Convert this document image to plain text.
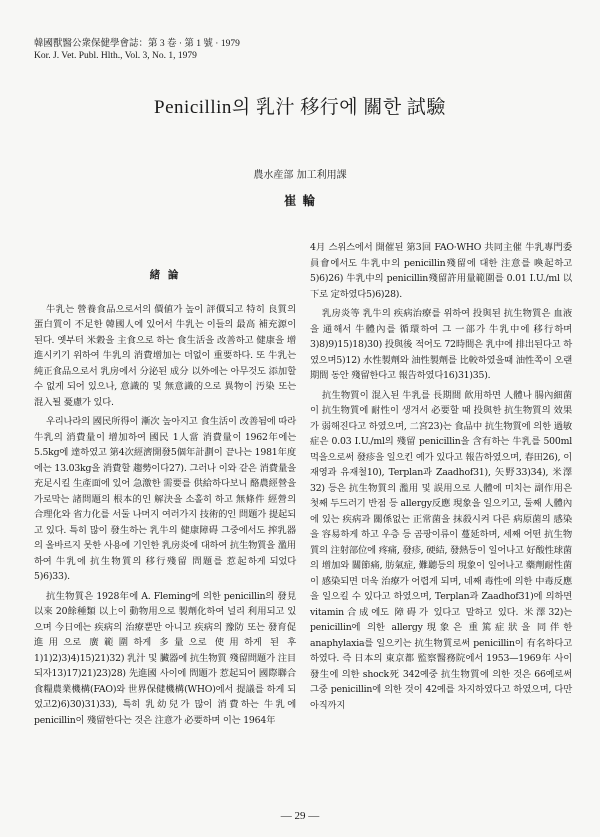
韓國獸醫公衆保健學會誌：第 3 卷 · 第 1 號 · 1979
Kor. J. Vet. Publ. Hlth., Vol. 3, No. 1, 1979
Penicillin의 乳汁 移行에 關한 試驗
農水産部 加工利用課
崔 輪
緒 論

牛乳는 營養食品으로서의 價値가 높이 評價되고 特히 良質의 蛋白質이 不足한 韓國人에 있어서 牛乳는 이들의 最高 補充源이 된다. 옛부터 米穀을 主食으로 하는 食生活을 改善하고 健康을 增進시키기 위하여 牛乳의 消費增加는 더없이 重要하다. 또 牛乳는 純正食品으로서 乳房에서 分泌된 成分 以外에는 아무것도 添加할 수 없게 되어 있으나, 意識的 및 無意識的으로 異物이 汚染 또는 混入될 憂慮가 있다.

우리나라의 國民所得이 漸次 높아지고 食生活이 改善됨에 따라 牛乳의 消費量이 增加하여 國民 1人當 消費量이 1962年에는 5.5kg에 達하였고 第4次經濟開發5個年計劃이 끝나는 1981年度에는 13.03kg을 消費할 趨勢이다27). 그러나 이와 같은 消費量을 充足시킬 生產面에 있어 急激한 需要를 供給하다보니 酪農經營을 가로막는 諸問題의 根本的인 解決을 소홀히 하고 無條件 經營의 合理化와 省力化를 서둘 나머지 여러가지 技術的인 問題가 提起되고 있다. 특히 많이 發生하는 乳牛의 健康障碍 그중에서도 搾乳器의 올바르지 못한 사용에 기인한 乳房炎에 대하여 抗生物質을 濫用하여 牛乳에 抗生物質의 移行殘留 問題를 惹起하게 되었다5)6)33).

抗生物質은 1928年에 A. Fleming에 의한 penicillin의 發見以來 20餘種類 以上이 動物用으로 製劑化하여 널리 利用되고 있으며 今日에는 疾病의 治療뿐만 아니고 疾病의 豫防 또는 發育促進用으로 廣範圍하게 多量으로 使用하게 된 후1)1)2)3)4)15)21)32) 乳汁 및 臟器에 抗生物質 殘留問題가 注目되자13)17)21)23)28) 先進國 사이에 問題가 惹起되어 國際聯合食糧農業機構(FAO)와 世界保健機構(WHO)에서 提議를 하게 되었고2)6)30)31)33), 특히 乳幼兒가 많이 消費하는 牛乳에 penicillin이 殘留한다는 것은 注意가 必要하며 이는 1964年

4月 스위스에서 開催된 第3回 FAO·WHO 共同主催 牛乳專門委員會에서도 牛乳中의 penicillin殘留에 대한 注意를 喚起하고5)6)26) 牛乳中의 penicillin殘留許用量範圍를 0.01 I.U./ml 以下로 定하였다5)6)28).

乳房炎等 乳牛의 疾病治療를 위하여 投與된 抗生物質은 血液을 通해서 牛體內를 循環하여 그 一部가 牛乳中에 移行하며3)8)9)15)18)30) 投與後 적어도 72時間은 乳中에 排出된다고 하였으며5)12) 水性製劑와 油性製劑를 比較하였을때 油性쪽이 오랜 期間 동안 殘留한다고 報告하였다16)31)35).

抗生物質이 混入된 牛乳를 長期間 飮用하면 人體나 腸內細菌이 抗生物質에 耐性이 생겨서 必要할 때 投與한 抗生物質의 效果가 弱해진다고 하였으며, 二宮23)는 食品中 抗生物質에 의한 過敏症은 0.03 I.U./ml의 殘留 penicillin을 含有하는 牛乳를 500ml 먹을으로써 發疹을 일으킨 예가 있다고 報告하였으며, 春田26), 이재영과 유재철10), Terplan과 Zaadhof31), 矢野33)34), 米澤32) 등은 抗生物質의 濫用 및 誤用으로 人體에 미치는 副作用은 첫째 두드러기 반점 등 allergy反應 現象을 일으키고, 둘째 人體內에 있는 疾病과 關係없는 正常菌을 抹殺시켜 다른 病原菌의 感染을 容易하게 하고 우층 등 곰팡이류이 蔓延하며, 세째 어떤 抗生物質의 注射部位에 疼痛, 發疹, 硬結, 發熱등이 일어나고 好酸性球菌의 增加와 關節痛, 肪氣症, 難聽등의 現象이 일어나고 藥劑耐性菌이 感染되면 더욱 治療가 어렵게 되며, 네째 毒性에 의한 中毒反應을 일으킬 수 있다고 하였으며, Terplan과 Zaadhof31)에 의하면 vitamin合成에도 障碍가 있다고 말하고 있다. 米澤32)는 penicillin에 의한 allergy現象은 重篤症狀을 同伴한 anaphylaxia를 일으키는 抗生物質로써 penicillin이 有名하다고 하였다. 즉 日本의 東京都 監察醫務院에서 1953—1969年 사이 發生에 의한 shock死 342예중 抗生物質에 의한 것은 66예로써 그중 penicillin에 의한 것이 42예를 차지하였다고 하였으며, 다만 아직까지

— 29 —
